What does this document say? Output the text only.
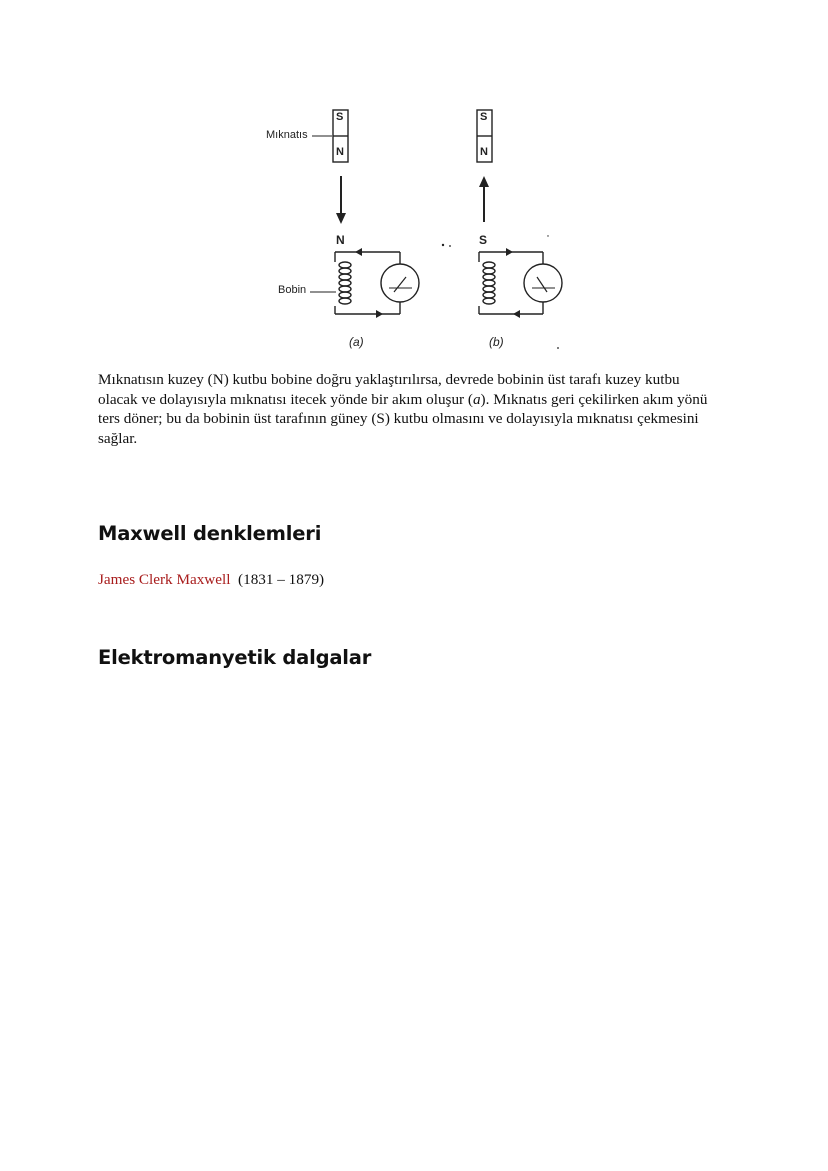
Mıknatıs
Bobin
S
N
S
N
N	S
(a)	(b)

Mıknatısın kuzey (N) kutbu bobine doğru yaklaştırılırsa, devrede bobinin üst tarafı kuzey kutbu olacak ve dolayısıyla mıknatısı itecek yönde bir akım oluşur (a). Mıknatıs geri çekilirken akım yönü ters döner; bu da bobinin üst tarafının güney (S) kutbu olmasını ve dolayısıyla mıknatısı çekmesini sağlar.

Maxwell denklemleri

James Clerk Maxwell (1831 – 1879)

Elektromanyetik dalgalar
